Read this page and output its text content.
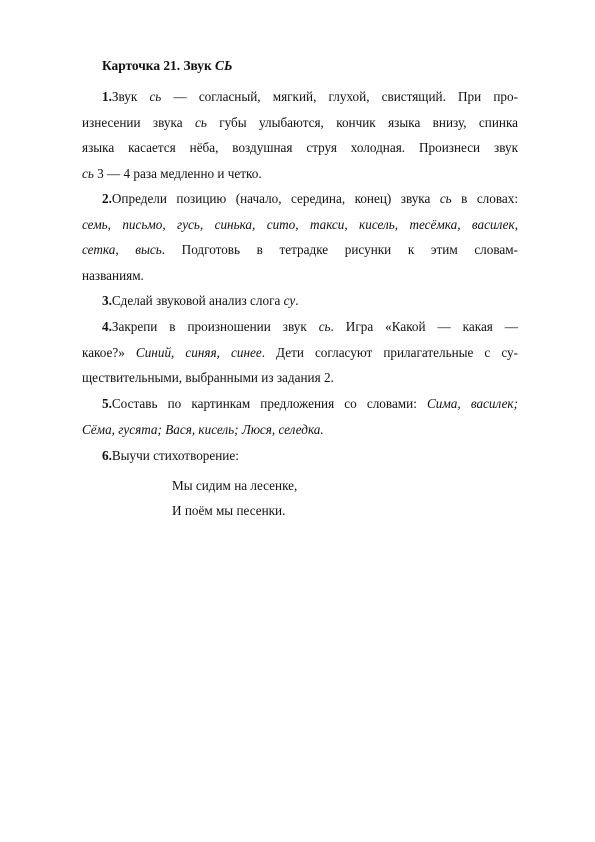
Карточка 21. Звук СЬ
1.Звук сь — согласный, мягкий, глухой, свистящий. При про-
изнесении звука сь губы улыбаются, кончик языка внизу, спинка
языка касается нёба, воздушная струя холодная. Произнеси звук
сь 3 — 4 раза медленно и четко.
2.Определи позицию (начало, середина, конец) звука сь в словах:
семь, письмо, гусь, синька, сито, такси, кисель, тесёмка, василек,
сетка, высь. Подготовь в тетрадке рисунки к этим словам-
названиям.
3.Сделай звуковой анализ слога су.
4.Закрепи в произношении звук сь. Игра «Какой — какая —
какое?» Синий, синяя, синее. Дети согласуют прилагательные с су-
ществительными, выбранными из задания 2.
5.Составь по картинкам предложения со словами: Сима, василек;
Сёма, гусята; Вася, кисель; Люся, селедка.
6.Выучи стихотворение:
Мы сидим на лесенке,
И поём мы песенки.
